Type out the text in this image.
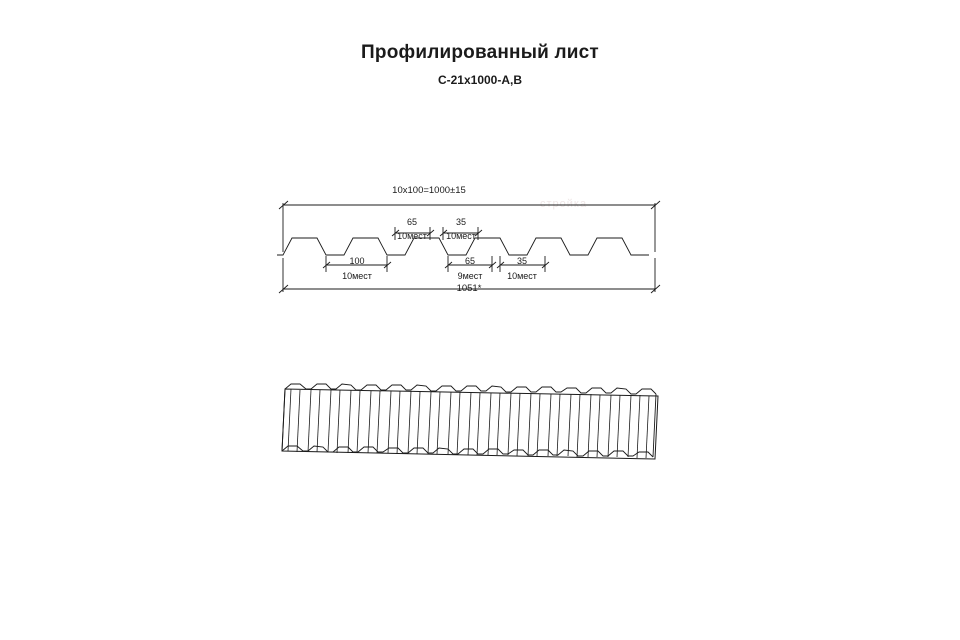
Профилированный лист
С-21х1000-А,В
стройка
10x100=1000±15
1051*
65
10мест
35
10мест
100
10мест
65
9мест
35
10мест
